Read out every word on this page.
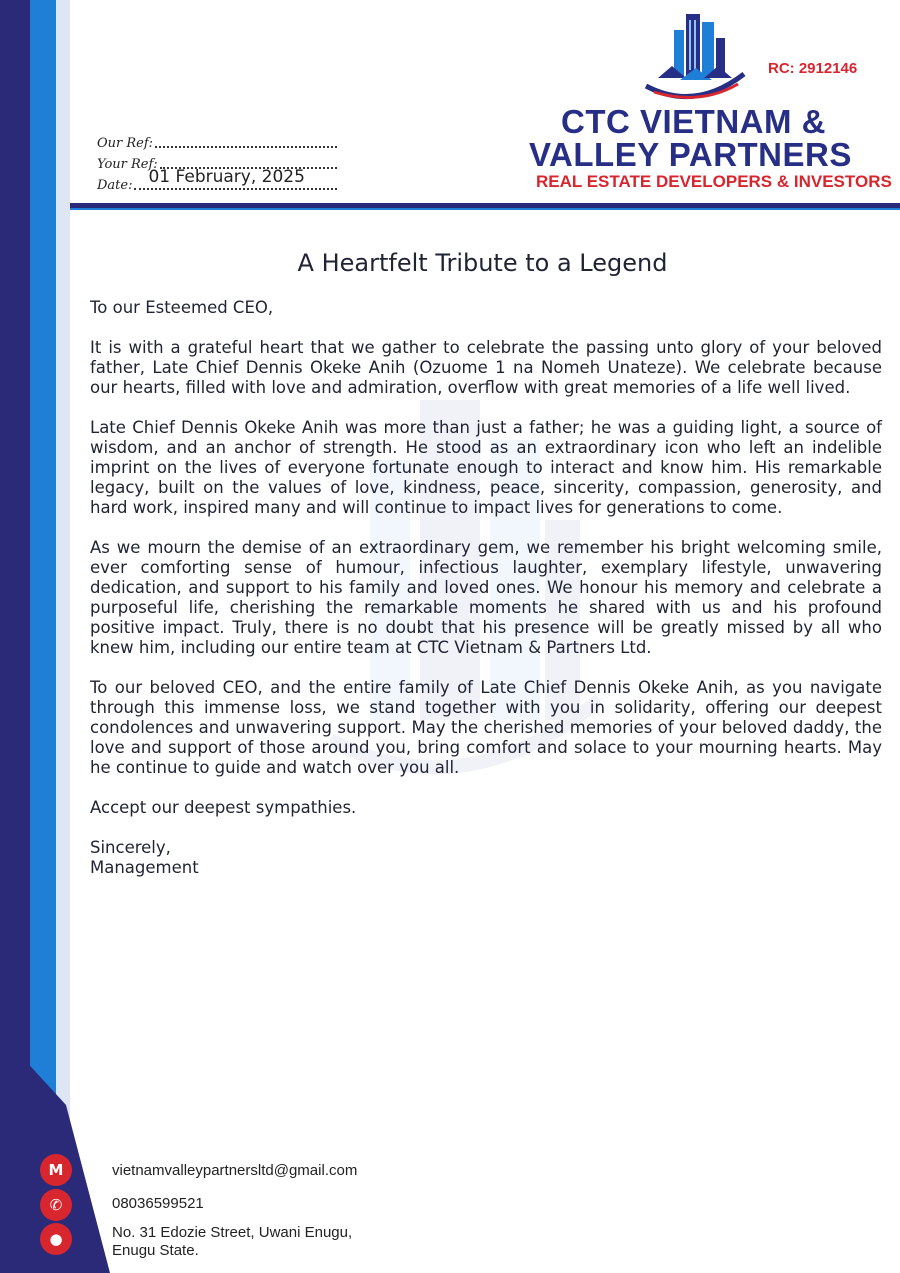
Our Ref:
Your Ref:
Date: 01 February, 2025
RC: 2912146
CTC VIETNAM &
VALLEY PARTNERS
REAL ESTATE DEVELOPERS & INVESTORS
A Heartfelt Tribute to a Legend

To our Esteemed CEO,

It is with a grateful heart that we gather to celebrate the passing unto glory of your beloved father, Late Chief Dennis Okeke Anih (Ozuome 1 na Nomeh Unateze). We celebrate because our hearts, filled with love and admiration, overflow with great memories of a life well lived.

Late Chief Dennis Okeke Anih was more than just a father; he was a guiding light, a source of wisdom, and an anchor of strength. He stood as an extraordinary icon who left an indelible imprint on the lives of everyone fortunate enough to interact and know him. His remarkable legacy, built on the values of love, kindness, peace, sincerity, compassion, generosity, and hard work, inspired many and will continue to impact lives for generations to come.

As we mourn the demise of an extraordinary gem, we remember his bright welcoming smile, ever comforting sense of humour, infectious laughter, exemplary lifestyle, unwavering dedication, and support to his family and loved ones. We honour his memory and celebrate a purposeful life, cherishing the remarkable moments he shared with us and his profound positive impact. Truly, there is no doubt that his presence will be greatly missed by all who knew him, including our entire team at CTC Vietnam & Partners Ltd.

To our beloved CEO, and the entire family of Late Chief Dennis Okeke Anih, as you navigate through this immense loss, we stand together with you in solidarity, offering our deepest condolences and unwavering support. May the cherished memories of your beloved daddy, the love and support of those around you, bring comfort and solace to your mourning hearts. May he continue to guide and watch over you all.

Accept our deepest sympathies.

Sincerely,
Management

M	vietnamvalleypartnersltd@gmail.com
✆	08036599521
●	No. 31 Edozie Street, Uwani Enugu,
Enugu State.
